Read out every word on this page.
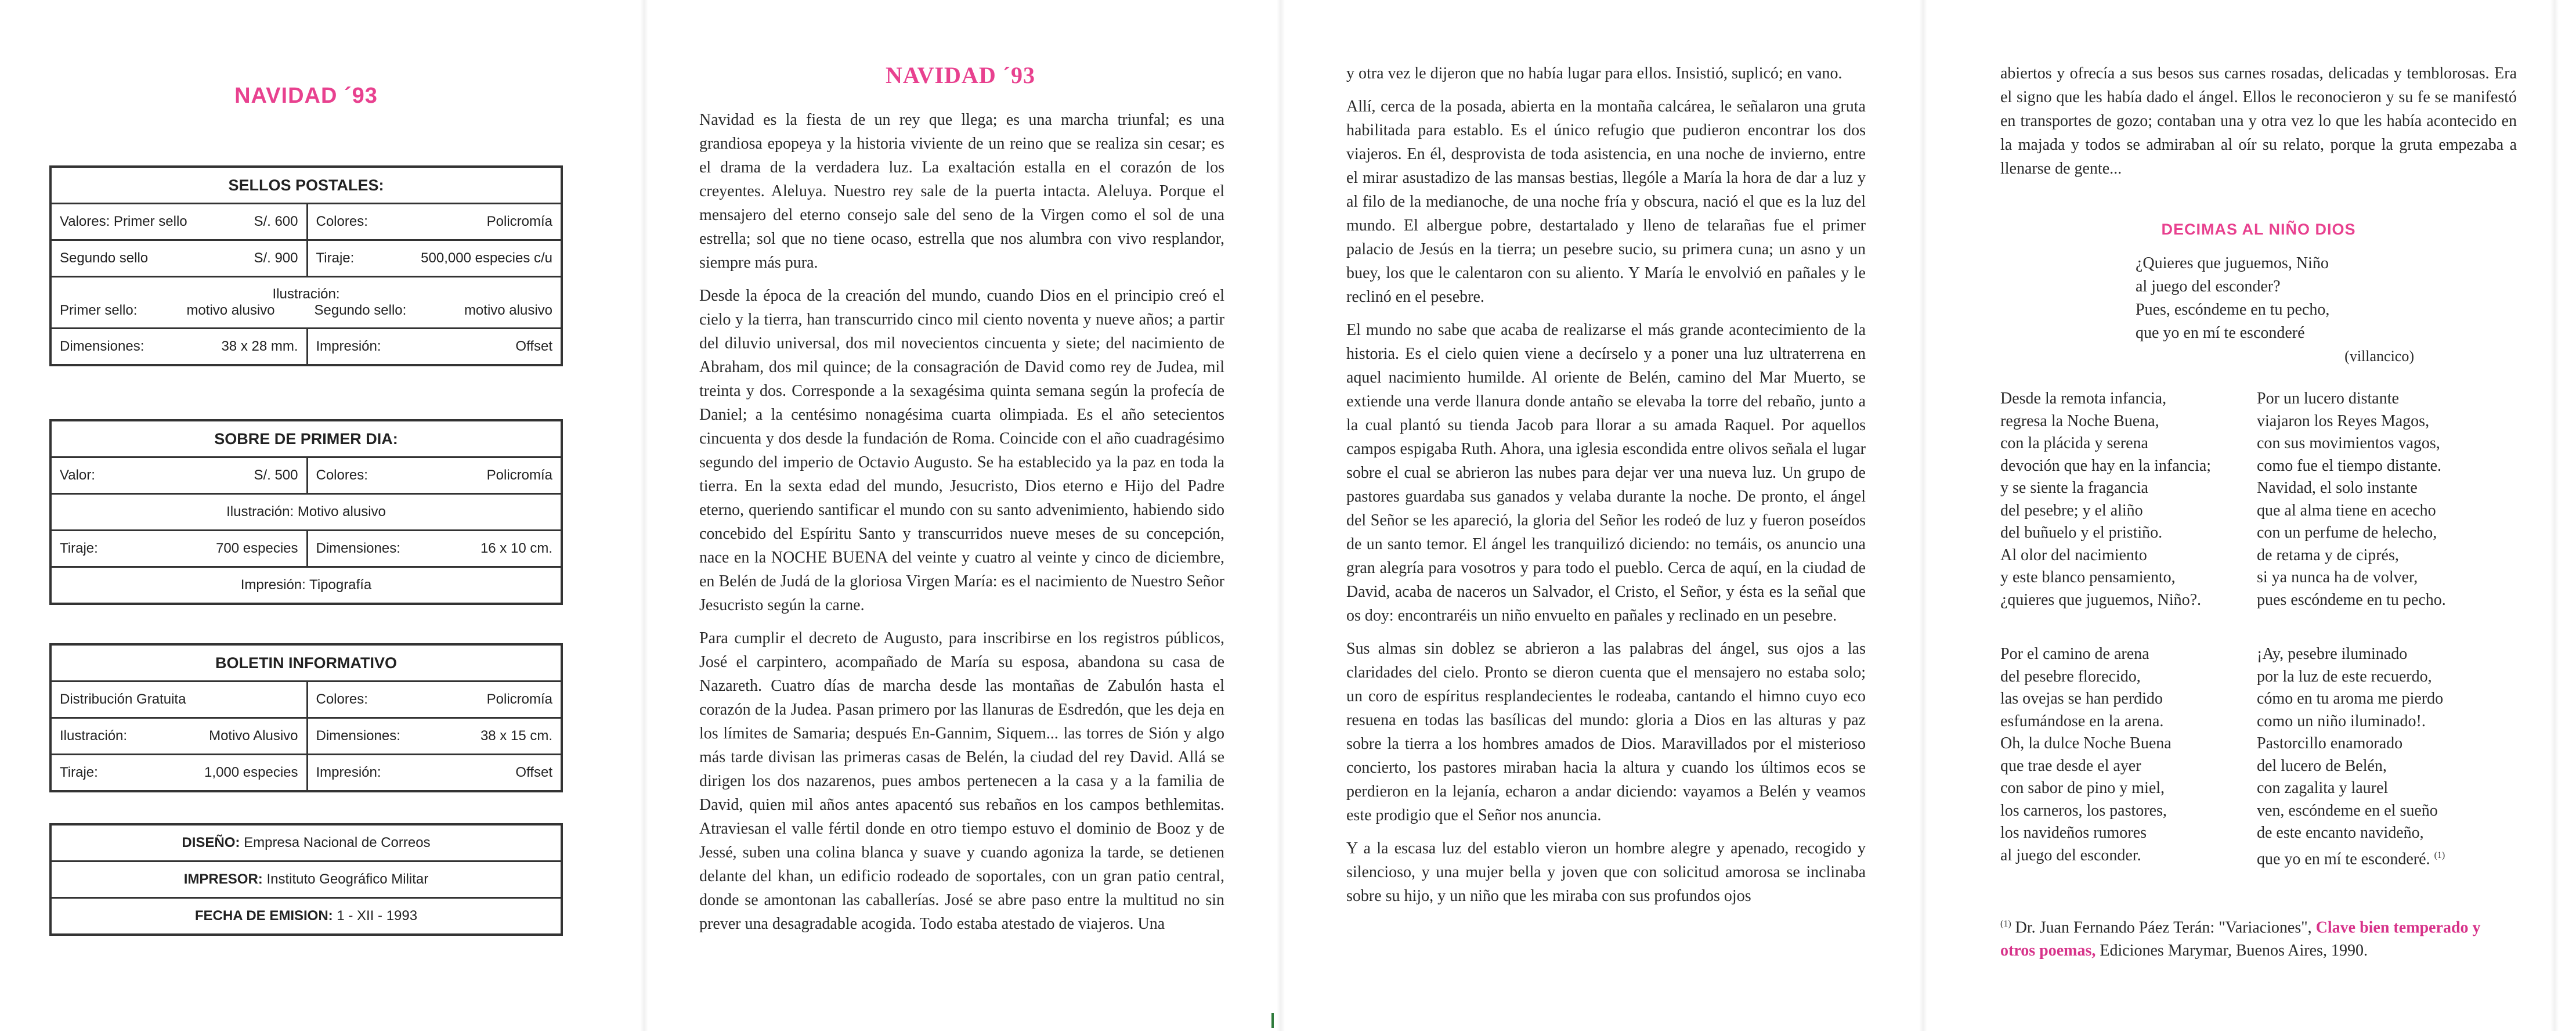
NAVIDAD ´93
SELLOS POSTALES:
Valores: Primer sello	S/. 600 Colores:	Policromía
Segundo sello	S/. 900 Tiraje:	500,000 especies c/u
Ilustración:
Primer sello:	motivo alusivo	Segundo sello:	motivo alusivo
Dimensiones:	38 x 28 mm. Impresión:	Offset
SOBRE DE PRIMER DIA:
Valor:	S/. 500 Colores:	Policromía
Ilustración: Motivo alusivo
Tiraje:	700 especies Dimensiones:	16 x 10 cm.
Impresión: Tipografía
BOLETIN INFORMATIVO
Distribución Gratuita	Colores:	Policromía
Ilustración:	Motivo Alusivo Dimensiones:	38 x 15 cm.
Tiraje:	1,000 especies Impresión:	Offset
DISEÑO:
Empresa Nacional de Correos
IMPRESOR:
Instituto Geográfico Militar
FECHA DE EMISION:
1 - XII - 1993
NAVIDAD ´93

Navidad es la fiesta de un rey que llega; es una marcha triunfal; es una grandiosa epopeya y la historia viviente de un reino que se realiza sin cesar; es el drama de la verdadera luz. La exaltación estalla en el corazón de los creyentes. Aleluya. Nuestro rey sale de la puerta intacta. Aleluya. Porque el mensajero del eterno consejo sale del seno de la Virgen como el sol de una estrella; sol que no tiene ocaso, estrella que nos alumbra con vivo resplandor, siempre más pura.

Desde la época de la creación del mundo, cuando Dios en el principio creó el cielo y la tierra, han transcurrido cinco mil ciento noventa y nueve años; a partir del diluvio universal, dos mil novecientos cincuenta y siete; del nacimiento de Abraham, dos mil quince; de la consagración de David como rey de Judea, mil treinta y dos. Corresponde a la sexagésima quinta semana según la profecía de Daniel; a la centésimo nonagésima cuarta olimpiada. Es el año setecientos cincuenta y dos desde la fundación de Roma. Coincide con el año cuadragésimo segundo del imperio de Octavio Augusto. Se ha establecido ya la paz en toda la tierra. En la sexta edad del mundo, Jesucristo, Dios eterno e Hijo del Padre eterno, queriendo santificar el mundo con su santo advenimiento, habiendo sido concebido del Espíritu Santo y transcurridos nueve meses de su concepción, nace en la NOCHE BUENA del veinte y cuatro al veinte y cinco de diciembre, en Belén de Judá de la gloriosa Virgen María: es el nacimiento de Nuestro Señor Jesucristo según la carne.

Para cumplir el decreto de Augusto, para inscribirse en los registros públicos, José el carpintero, acompañado de María su esposa, abandona su casa de Nazareth. Cuatro días de marcha desde las montañas de Zabulón hasta el corazón de la Judea. Pasan primero por las llanuras de Esdredón, que les deja en los límites de Samaria; después En-Gannim, Siquem... las torres de Sión y algo más tarde divisan las primeras casas de Belén, la ciudad del rey David. Allá se dirigen los dos nazarenos, pues ambos pertenecen a la casa y a la familia de David, quien mil años antes apacentó sus rebaños en los campos bethlemitas. Atraviesan el valle fértil donde en otro tiempo estuvo el dominio de Booz y de Jessé, suben una colina blanca y suave y cuando agoniza la tarde, se detienen delante del khan, un edificio rodeado de soportales, con un gran patio central, donde se amontonan las caballerías. José se abre paso entre la multitud no sin prever una desagradable acogida. Todo estaba atestado de viajeros. Una

y otra vez le dijeron que no había lugar para ellos. Insistió, suplicó; en vano.

Allí, cerca de la posada, abierta en la montaña calcárea, le señalaron una gruta habilitada para establo. Es el único refugio que pudieron encontrar los dos viajeros. En él, desprovista de toda asistencia, en una noche de invierno, entre el mirar asustadizo de las mansas bestias, llególe a María la hora de dar a luz y al filo de la medianoche, de una noche fría y obscura, nació el que es la luz del mundo. El albergue pobre, destartalado y lleno de telarañas fue el primer palacio de Jesús en la tierra; un pesebre sucio, su primera cuna; un asno y un buey, los que le calentaron con su aliento. Y María le envolvió en pañales y le reclinó en el pesebre.

El mundo no sabe que acaba de realizarse el más grande acontecimiento de la historia. Es el cielo quien viene a decírselo y a poner una luz ultraterrena en aquel nacimiento humilde. Al oriente de Belén, camino del Mar Muerto, se extiende una verde llanura donde antaño se elevaba la torre del rebaño, junto a la cual plantó su tienda Jacob para llorar a su amada Raquel. Por aquellos campos espigaba Ruth. Ahora, una iglesia escondida entre olivos señala el lugar sobre el cual se abrieron las nubes para dejar ver una nueva luz. Un grupo de pastores guardaba sus ganados y velaba durante la noche. De pronto, el ángel del Señor se les apareció, la gloria del Señor les rodeó de luz y fueron poseídos de un santo temor. El ángel les tranquilizó diciendo: no temáis, os anuncio una gran alegría para vosotros y para todo el pueblo. Cerca de aquí, en la ciudad de David, acaba de naceros un Salvador, el Cristo, el Señor, y ésta es la señal que os doy: encontraréis un niño envuelto en pañales y reclinado en un pesebre.

Sus almas sin doblez se abrieron a las palabras del ángel, sus ojos a las claridades del cielo. Pronto se dieron cuenta que el mensajero no estaba solo; un coro de espíritus resplandecientes le rodeaba, cantando el himno cuyo eco resuena en todas las basílicas del mundo: gloria a Dios en las alturas y paz sobre la tierra a los hombres amados de Dios. Maravillados por el misterioso concierto, los pastores miraban hacia la altura y cuando los últimos ecos se perdieron en la lejanía, echaron a andar diciendo: vayamos a Belén y veamos este prodigio que el Señor nos anuncia.

Y a la escasa luz del establo vieron un hombre alegre y apenado, recogido y silencioso, y una mujer bella y joven que con solicitud amorosa se inclinaba sobre su hijo, y un niño que les miraba con sus profundos ojos

abiertos y ofrecía a sus besos sus carnes rosadas, delicadas y temblorosas. Era el signo que les había dado el ángel. Ellos le reconocieron y su fe se manifestó en transportes de gozo; contaban una y otra vez lo que les había acontecido en la majada y todos se admiraban al oír su relato, porque la gruta empezaba a llenarse de gente...

DECIMAS AL NIÑO DIOS
¿Quieres que juguemos, Niño
al juego del esconder?
Pues, escóndeme en tu pecho,
que yo en mí te esconderé
(villancico)
Desde la remota infancia,
regresa la Noche Buena,
con la plácida y serena
devoción que hay en la infancia;
y se siente la fragancia
del pesebre; y el aliño
del buñuelo y el pristiño.
Al olor del nacimiento
y este blanco pensamiento,
¿quieres que juguemos, Niño?.
Por un lucero distante
viajaron los Reyes Magos,
con sus movimientos vagos,
como fue el tiempo distante.
Navidad, el solo instante
que al alma tiene en acecho
con un perfume de helecho,
de retama y de ciprés,
si ya nunca ha de volver,
pues escóndeme en tu pecho.
Por el camino de arena
del pesebre florecido,
las ovejas se han perdido
esfumándose en la arena.
Oh, la dulce Noche Buena
que trae desde el ayer
con sabor de pino y miel,
los carneros, los pastores,
los navideños rumores
al juego del esconder.
¡Ay, pesebre iluminado
por la luz de este recuerdo,
cómo en tu aroma me pierdo
como un niño iluminado!.
Pastorcillo enamorado
del lucero de Belén,
con zagalita y laurel
ven, escóndeme en el sueño
de este encanto navideño,
que yo en mí te esconderé. $^{(1)}$
$^{(1)}$ Dr. Juan Fernando Páez Terán: "Variaciones", Clave bien temperado y otros poemas, Ediciones Marymar, Buenos Aires, 1990.
